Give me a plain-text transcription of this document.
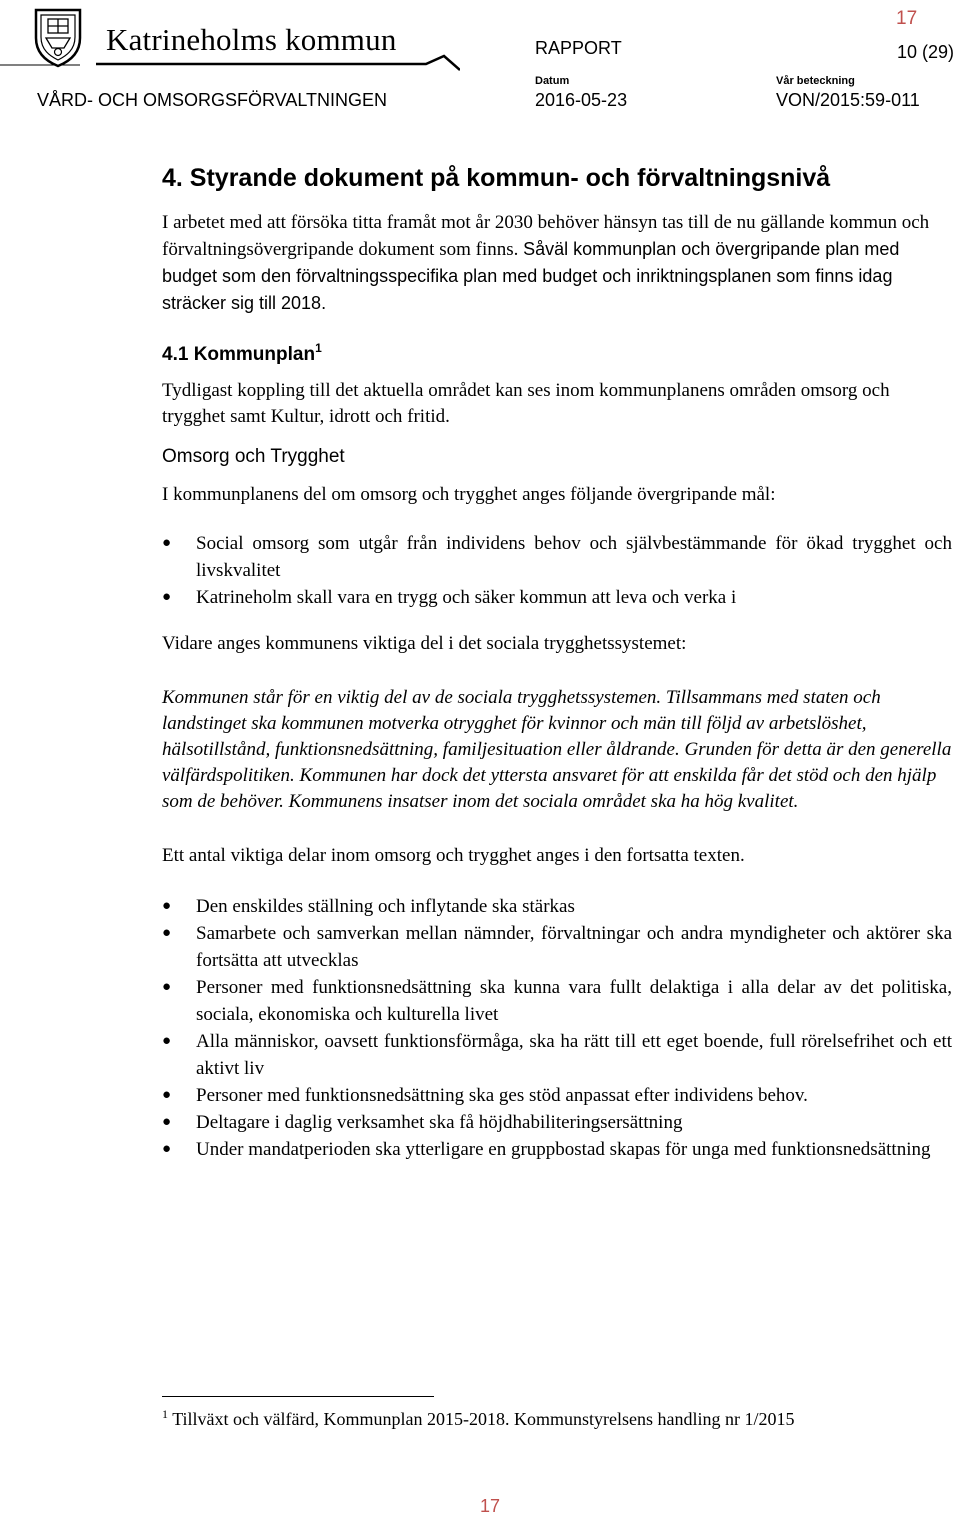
Katrineholms kommun	RAPPORT
17
10 (29)
Datum	Vår beteckning
VÅRD- OCH OMSORGSFÖRVALTNINGEN	2016-05-23	VON/2015:59-011
4. Styrande dokument på kommun- och förvaltningsnivå

I arbetet med att försöka titta framåt mot år 2030 behöver hänsyn tas till de nu gällande kommun och förvaltningsövergripande dokument som finns. Såväl kommunplan och övergripande plan med budget som den förvaltningsspecifika plan med budget och inriktningsplanen som finns idag sträcker sig till 2018.

4.1 Kommunplan$^1$

Tydligast koppling till det aktuella området kan ses inom kommunplanens områden omsorg och trygghet samt Kultur, idrott och fritid.

Omsorg och Trygghet

I kommunplanens del om omsorg och trygghet anges följande övergripande mål:

● Social omsorg som utgår från individens behov och självbestämmande för ökad trygghet och livskvalitet
● Katrineholm skall vara en trygg och säker kommun att leva och verka i

Vidare anges kommunens viktiga del i det sociala trygghetssystemet:

Kommunen står för en viktig del av de sociala trygghetssystemen. Tillsammans med staten och landstinget ska kommunen motverka otrygghet för kvinnor och män till följd av arbetslöshet, hälsotillstånd, funktionsnedsättning, familjesituation eller åldrande. Grunden för detta är den generella välfärdspolitiken. Kommunen har dock det yttersta ansvaret för att enskilda får det stöd och den hjälp som de behöver. Kommunens insatser inom det sociala området ska ha hög kvalitet.

Ett antal viktiga delar inom omsorg och trygghet anges i den fortsatta texten.

● Den enskildes ställning och inflytande ska stärkas
● Samarbete och samverkan mellan nämnder, förvaltningar och andra myndigheter och aktörer ska fortsätta att utvecklas
● Personer med funktionsnedsättning ska kunna vara fullt delaktiga i alla delar av det politiska, sociala, ekonomiska och kulturella livet
● Alla människor, oavsett funktionsförmåga, ska ha rätt till ett eget boende, full rörelsefrihet och ett aktivt liv
● Personer med funktionsnedsättning ska ges stöd anpassat efter individens behov.
● Deltagare i daglig verksamhet ska få höjdhabiliteringsersättning
● Under mandatperioden ska ytterligare en gruppbostad skapas för unga med funktionsnedsättning
$^1$ Tillväxt och välfärd, Kommunplan 2015-2018. Kommunstyrelsens handling nr 1/2015
17
